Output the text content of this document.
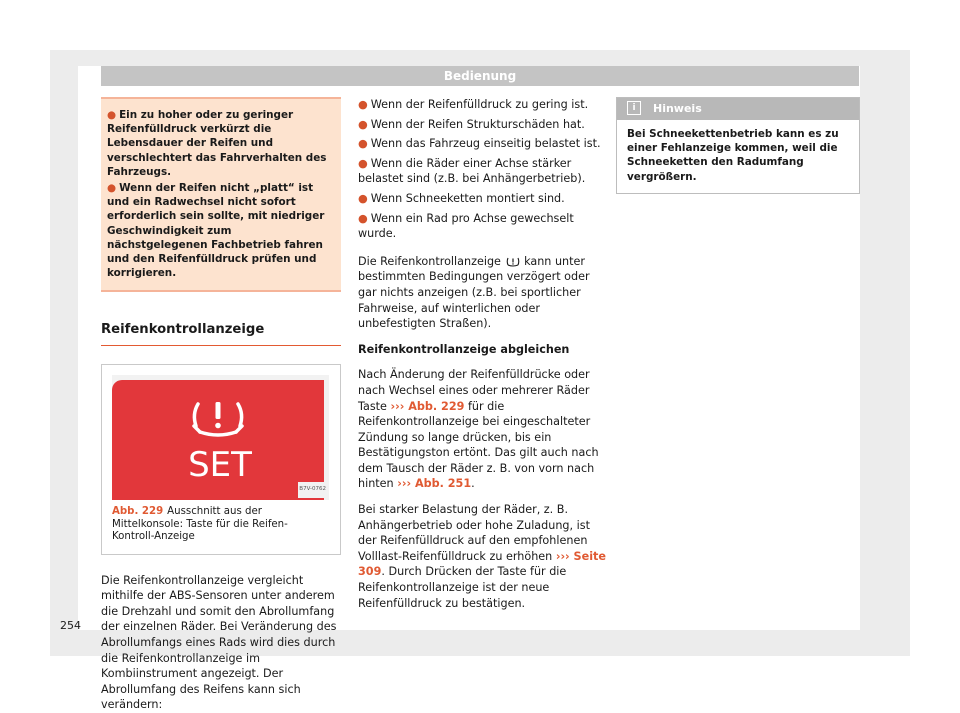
Bedienung

● Ein zu hoher oder zu geringer Reifenfülldruck verkürzt die Lebensdauer der Reifen und verschlechtert das Fahrverhalten des Fahrzeugs.

● Wenn der Reifen nicht „platt“ ist und ein Radwechsel nicht sofort erforderlich sein sollte, mit niedriger Geschwindigkeit zum nächstgelegenen Fachbetrieb fahren und den Reifenfülldruck prüfen und korrigieren.

Reifenkontrollanzeige
SET
B7V-0762
Abb. 229 Ausschnitt aus der Mittelkonsole: Taste für die Reifen-Kontroll-Anzeige

Die Reifenkontrollanzeige vergleicht mithilfe der ABS-Sensoren unter anderem die Drehzahl und somit den Abrollumfang der einzelnen Räder. Bei Veränderung des Abrollumfangs eines Rads wird dies durch die Reifenkontrollanzeige im Kombiinstrument angezeigt. Der Abrollumfang des Reifens kann sich verändern:

● Wenn der Reifenfülldruck zu gering ist.
● Wenn der Reifen Strukturschäden hat.
● Wenn das Fahrzeug einseitig belastet ist.
● Wenn die Räder einer Achse stärker belastet sind (z.B. bei Anhängerbetrieb).
● Wenn Schneeketten montiert sind.
● Wenn ein Rad pro Achse gewechselt wurde.

Die Reifenkontrollanzeige kann unter bestimmten Bedingungen verzögert oder gar nichts anzeigen (z.B. bei sportlicher Fahrweise, auf winterlichen oder unbefestigten Straßen).

Reifenkontrollanzeige abgleichen

Nach Änderung der Reifenfülldrücke oder nach Wechsel eines oder mehrerer Räder Taste ››› Abb. 229 für die Reifenkontrollanzeige bei eingeschalteter Zündung so lange drücken, bis ein Bestätigungston ertönt. Das gilt auch nach dem Tausch der Räder z. B. von vorn nach hinten ››› Abb. 251.

Bei starker Belastung der Räder, z. B. Anhängerbetrieb oder hohe Zuladung, ist der Reifenfülldruck auf den empfohlenen Volllast-Reifenfülldruck zu erhöhen ››› Seite 309. Durch Drücken der Taste für die Reifenkontrollanzeige ist der neue Reifenfülldruck zu bestätigen.

i Hinweis
Bei Schneekettenbetrieb kann es zu einer Fehlanzeige kommen, weil die Schneeketten den Radumfang vergrößern.
254
